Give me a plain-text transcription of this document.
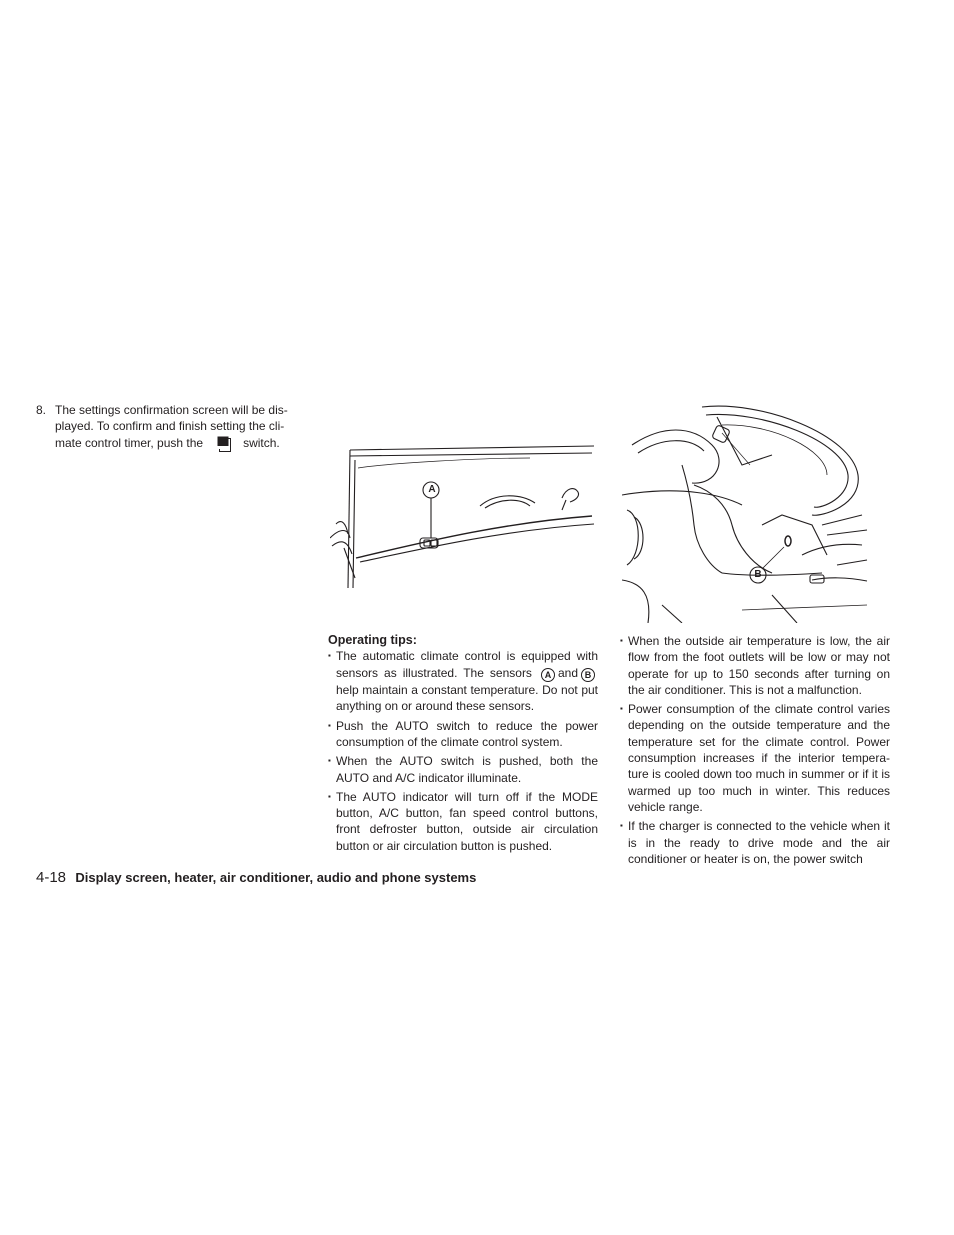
8. The settings confirmation screen will be dis-
played. To confirm and finish setting the cli-
mate control timer, push the	switch.
A
B

Operating tips:

▪ The automatic climate control is equipped with sensors as illustrated. The sensors A and B help maintain a constant temperature. Do not put anything on or around these sensors.
▪ Push the AUTO switch to reduce the power consumption of the climate control system.
▪ When the AUTO switch is pushed, both the AUTO and A/C indicator illuminate.
▪ The AUTO indicator will turn off if the MODE button, A/C button, fan speed control buttons, front defroster button, outside air circulation button or air circulation button is pushed.
▪ When the outside air temperature is low, the air flow from the foot outlets will be low or may not operate for up to 150 seconds after turning on the air conditioner. This is not a malfunction.
▪ Power consumption of the climate control varies depending on the outside temperature and the temperature set for the climate control. Power consumption increases if the interior tempera-ture is cooled down too much in summer or if it is warmed up too much in winter. This reduces vehicle range.
▪ If the charger is connected to the vehicle when it is in the ready to drive mode and the air conditioner or heater is on, the power switch
4-18 Display screen, heater, air conditioner, audio and phone systems
